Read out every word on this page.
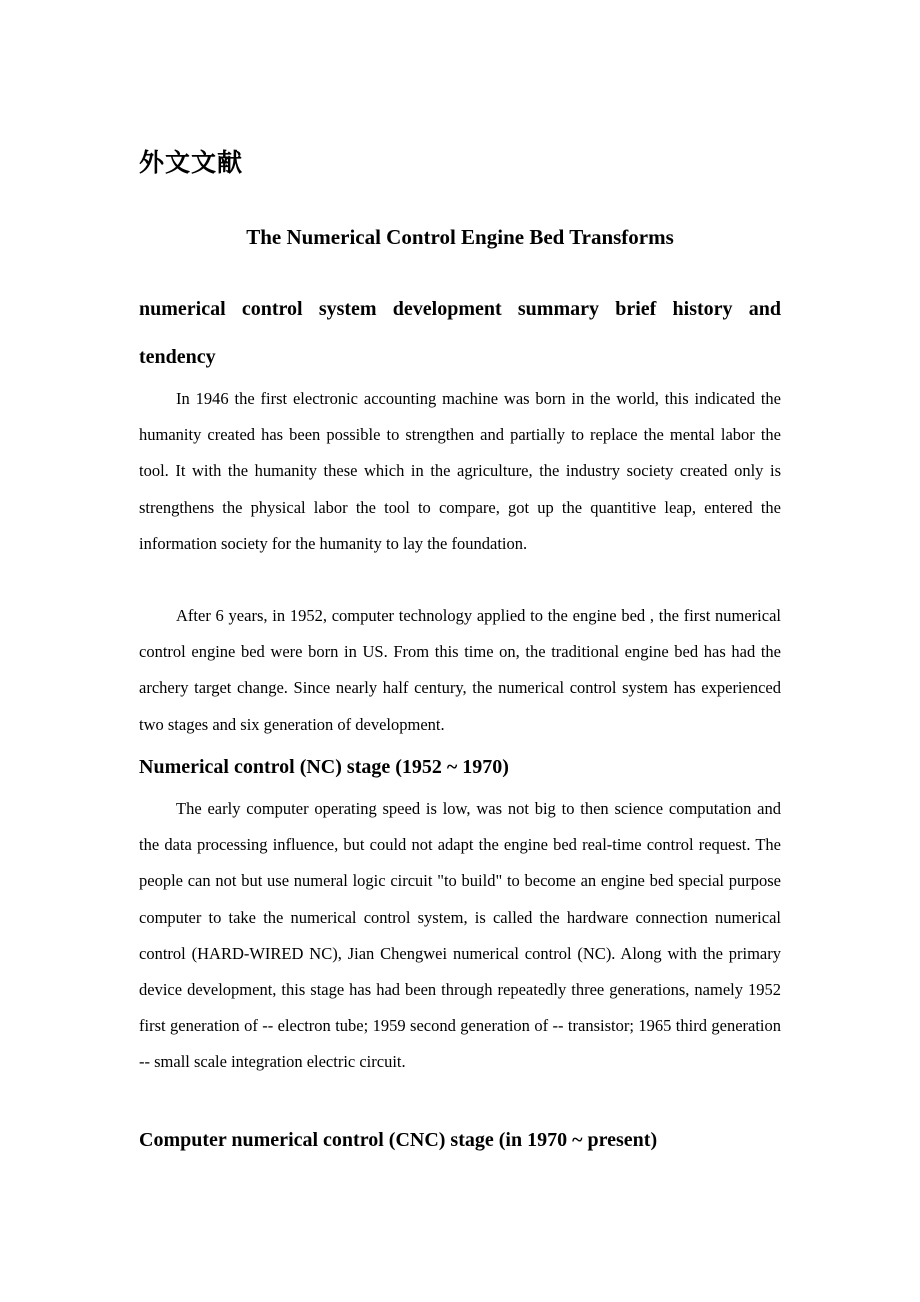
外文文献
The Numerical Control Engine Bed Transforms
numerical control system development summary brief history and tendency

In 1946 the first electronic accounting machine was born in the world, this indicated the humanity created has been possible to strengthen and partially to replace the mental labor the tool. It with the humanity these which in the agriculture, the industry society created only is strengthens the physical labor the tool to compare, got up the quantitive leap, entered the information society for the humanity to lay the foundation.

After 6 years, in 1952, computer technology applied to the engine bed , the first numerical control engine bed were born in US. From this time on, the traditional engine bed has had the archery target change. Since nearly half century, the numerical control system has experienced two stages and six generation of development.

Numerical control (NC) stage (1952 ~ 1970)

The early computer operating speed is low, was not big to then science computation and the data processing influence, but could not adapt the engine bed real-time control request. The people can not but use numeral logic circuit "to build" to become an engine bed special purpose computer to take the numerical control system, is called the hardware connection numerical control (HARD-WIRED NC), Jian Chengwei numerical control (NC). Along with the primary device development, this stage has had been through repeatedly three generations, namely 1952 first generation of -- electron tube; 1959 second generation of -- transistor; 1965 third generation -- small scale integration electric circuit.

Computer numerical control (CNC) stage (in 1970 ~ present)
